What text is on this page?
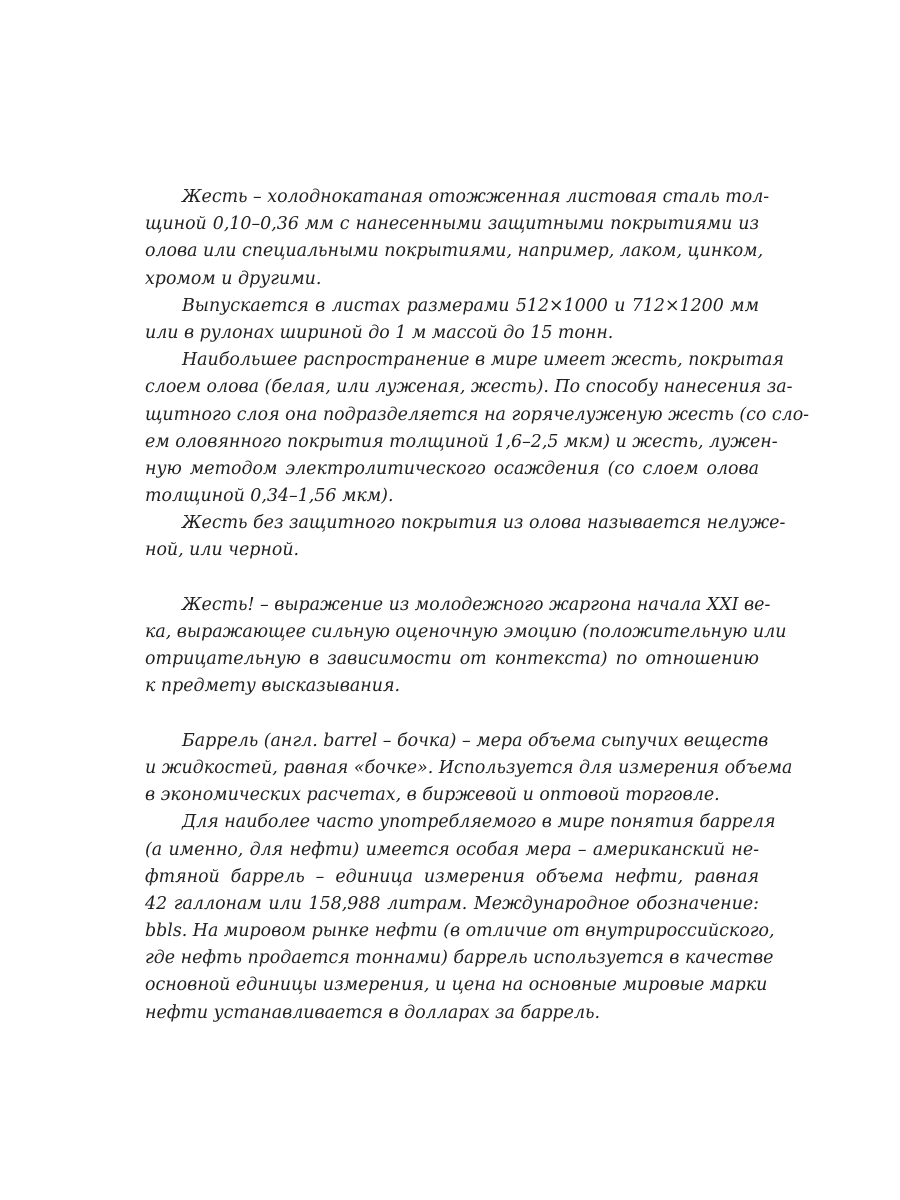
Жесть – холоднокатаная отожженная листовая сталь тол-
щиной 0,10–0,36 мм с нанесенными защитными покрытиями из
олова или специальными покрытиями, например, лаком, цинком,
хромом и другими.
Выпускается в листах размерами 512×1000 и 712×1200 мм
или в рулонах шириной до 1 м массой до 15 тонн.
Наибольшее распространение в мире имеет жесть, покрытая
слоем олова (белая, или луженая, жесть). По способу нанесения за-
щитного слоя она подразделяется на горячелуженую жесть (со сло-
ем оловянного покрытия толщиной 1,6–2,5 мкм) и жесть, лужен-
ную методом электролитического осаждения (со слоем олова
толщиной 0,34–1,56 мкм).
Жесть без защитного покрытия из олова называется нелуже-
ной, или черной.
Жесть! – выражение из молодежного жаргона начала XXI ве-
ка, выражающее сильную оценочную эмоцию (положительную или
отрицательную в зависимости от контекста) по отношению
к предмету высказывания.
Баррель (англ. barrel – бочка) – мера объема сыпучих веществ
и жидкостей, равная «бочке». Используется для измерения объема
в экономических расчетах, в биржевой и оптовой торговле.
Для наиболее часто употребляемого в мире понятия барреля
(а именно, для нефти) имеется особая мера – американский не-
фтяной баррель – единица измерения объема нефти, равная
42 галлонам или 158,988 литрам. Международное обозначение:
bbls. На мировом рынке нефти (в отличие от внутрироссийского,
где нефть продается тоннами) баррель используется в качестве
основной единицы измерения, и цена на основные мировые марки
нефти устанавливается в долларах за баррель.
